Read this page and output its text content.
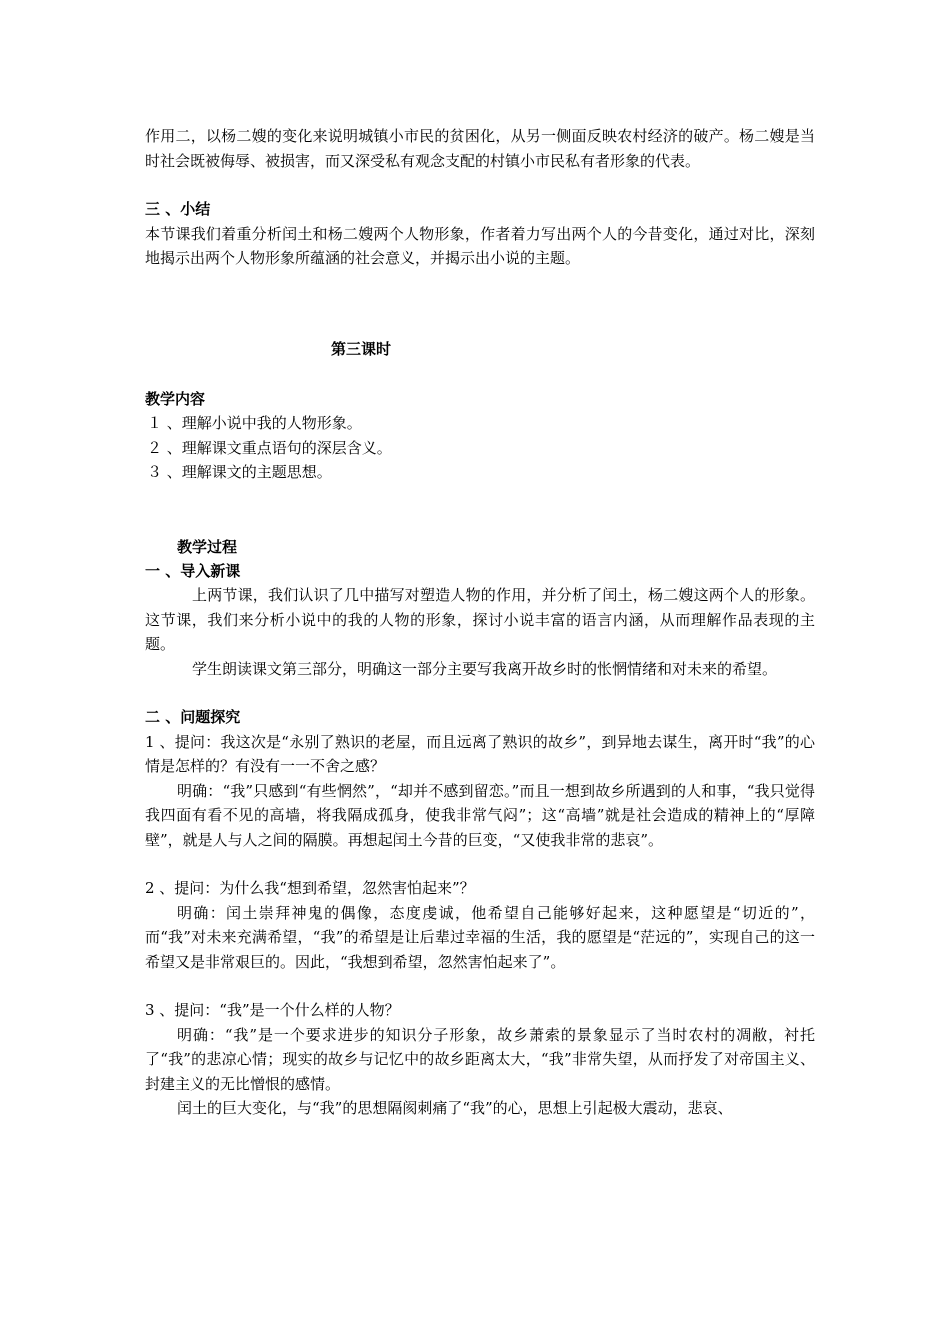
作用二，以杨二嫂的变化来说明城镇小市民的贫困化，从另一侧面反映农村经济的破产。杨二嫂是当时社会既被侮辱、被损害，而又深受私有观念支配的村镇小市民私有者形象的代表。

三 、小结

本节课我们着重分析闰土和杨二嫂两个人物形象，作者着力写出两个人的今昔变化，通过对比，深刻地揭示出两个人物形象所蕴涵的社会意义，并揭示出小说的主题。

第三课时

教学内容

１ 、理解小说中我的人物形象。

２ 、理解课文重点语句的深层含义。

３ 、理解课文的主题思想。

教学过程

一 、导入新课

上两节课，我们认识了几中描写对塑造人物的作用，并分析了闰土，杨二嫂这两个人的形象。这节课，我们来分析小说中的我的人物的形象，探讨小说丰富的语言内涵，从而理解作品表现的主题。

学生朗读课文第三部分，明确这一部分主要写我离开故乡时的怅惘情绪和对未来的希望。

二 、问题探究

1 、提问：我这次是“永别了熟识的老屋，而且远离了熟识的故乡”，到异地去谋生，离开时“我”的心情是怎样的？有没有一一不舍之感？

明确：“我”只感到“有些惘然”，“却并不感到留恋。”而且一想到故乡所遇到的人和事，“我只觉得我四面有看不见的高墙，将我隔成孤身，使我非常气闷”；这“高墙”就是社会造成的精神上的“厚障壁”，就是人与人之间的隔膜。再想起闰土今昔的巨变，“又使我非常的悲哀”。

2 、提问：为什么我“想到希望，忽然害怕起来”？

明确：闰土崇拜神鬼的偶像，态度虔诚，他希望自己能够好起来，这种愿望是“切近的”，而“我”对未来充满希望，“我”的希望是让后辈过幸福的生活，我的愿望是“茫远的”，实现自己的这一希望又是非常艰巨的。因此，“我想到希望，忽然害怕起来了”。

3 、提问：“我”是一个什么样的人物？

明确：“我”是一个要求进步的知识分子形象，故乡萧索的景象显示了当时农村的凋敝，衬托了“我”的悲凉心情；现实的故乡与记忆中的故乡距离太大，“我”非常失望，从而抒发了对帝国主义、封建主义的无比憎恨的感情。

闰土的巨大变化，与“我”的思想隔阂刺痛了“我”的心，思想上引起极大震动，悲哀、
